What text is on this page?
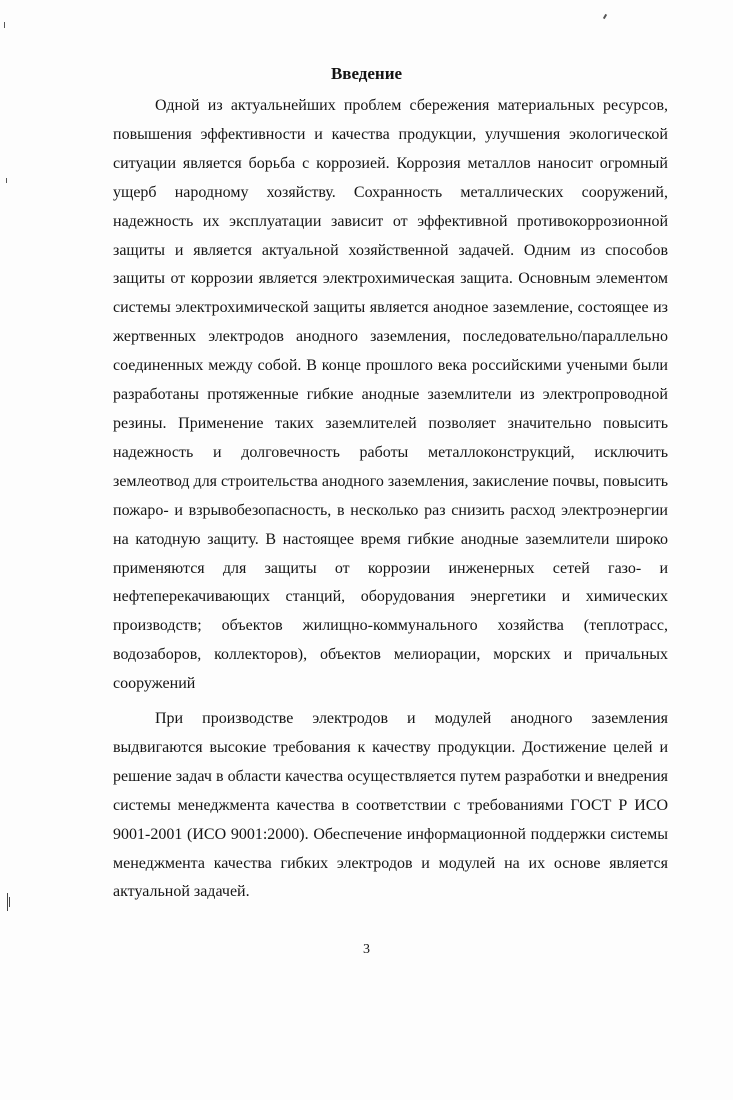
Введение

Одной из актуальнейших проблем сбережения материальных ресурсов, повышения эффективности и качества продукции, улучшения экологической ситуации является борьба с коррозией. Коррозия металлов наносит огромный ущерб народному хозяйству. Сохранность металлических сооружений, надежность их эксплуатации зависит от эффективной противокоррозионной защиты и является актуальной хозяйственной задачей. Одним из способов защиты от коррозии является электрохимическая защита. Основным элементом системы электрохимической защиты является анодное заземление, состоящее из жертвенных электродов анодного заземления, последовательно/параллельно соединенных между собой. В конце прошлого века российскими учеными были разработаны протяженные гибкие анодные заземлители из электропроводной резины. Применение таких заземлителей позволяет значительно повысить надежность и долговечность работы металлоконструкций, исключить землеотвод для строительства анодного заземления, закисление почвы, повысить пожаро- и взрывобезопасность, в несколько раз снизить расход электроэнергии на катодную защиту. В настоящее время гибкие анодные заземлители широко применяются для защиты от коррозии инженерных сетей газо- и нефтеперекачивающих станций, оборудования энергетики и химических производств; объектов жилищно-коммунального хозяйства (теплотрасс, водозаборов, коллекторов), объектов мелиорации, морских и причальных сооружений

При производстве электродов и модулей анодного заземления выдвигаются высокие требования к качеству продукции. Достижение целей и решение задач в области качества осуществляется путем разработки и внедрения системы менеджмента качества в соответствии с требованиями ГОСТ Р ИСО 9001-2001 (ИСО 9001:2000). Обеспечение информационной поддержки системы менеджмента качества гибких электродов и модулей на их основе является актуальной задачей.

3
